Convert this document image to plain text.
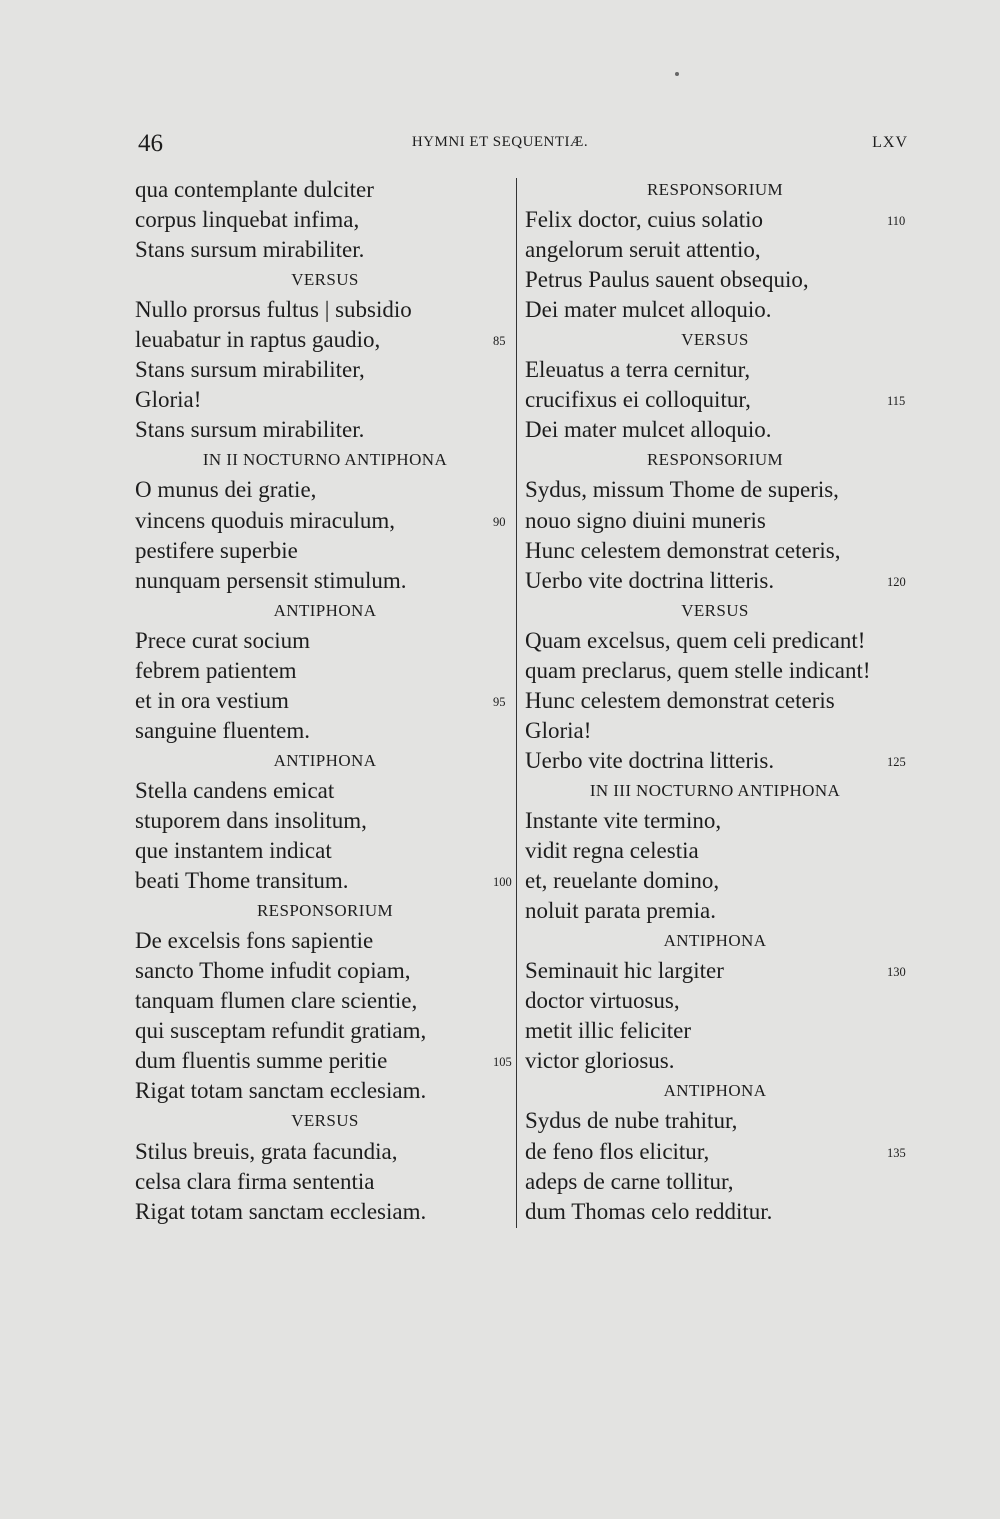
46	HYMNI ET SEQUENTIÆ.	LXV
qua contemplante dulciter
corpus linquebat infima,
Stans sursum mirabiliter.
VERSUS
Nullo prorsus fultus | subsidio
leuabatur in raptus gaudio,	85
Stans sursum mirabiliter,
Gloria!
Stans sursum mirabiliter.
IN II NOCTURNO ANTIPHONA
O munus dei gratie,
vincens quoduis miraculum,	90
pestifere superbie
nunquam persensit stimulum.
ANTIPHONA
Prece curat socium
febrem patientem
et in ora vestium	95
sanguine fluentem.
ANTIPHONA
Stella candens emicat
stuporem dans insolitum,
que instantem indicat
beati Thome transitum.	100
RESPONSORIUM
De excelsis fons sapientie
sancto Thome infudit copiam,
tanquam flumen clare scientie,
qui susceptam refundit gratiam,
dum fluentis summe peritie	105
Rigat totam sanctam ecclesiam.
VERSUS
Stilus breuis, grata facundia,
celsa clara firma sententia
Rigat totam sanctam ecclesiam.
RESPONSORIUM
Felix doctor, cuius solatio	110
angelorum seruit attentio,
Petrus Paulus sauent obsequio,
Dei mater mulcet alloquio.
VERSUS
Eleuatus a terra cernitur,
crucifixus ei colloquitur,	115
Dei mater mulcet alloquio.
RESPONSORIUM
Sydus, missum Thome de superis,
nouo signo diuini muneris
Hunc celestem demonstrat ceteris,
Uerbo vite doctrina litteris.	120
VERSUS
Quam excelsus, quem celi predicant!
quam preclarus, quem stelle indicant!
Hunc celestem demonstrat ceteris
Gloria!
Uerbo vite doctrina litteris.	125
IN III NOCTURNO ANTIPHONA
Instante vite termino,
vidit regna celestia
et, reuelante domino,
noluit parata premia.
ANTIPHONA
Seminauit hic largiter	130
doctor virtuosus,
metit illic feliciter
victor gloriosus.
ANTIPHONA
Sydus de nube trahitur,
de feno flos elicitur,	135
adeps de carne tollitur,
dum Thomas celo redditur.
